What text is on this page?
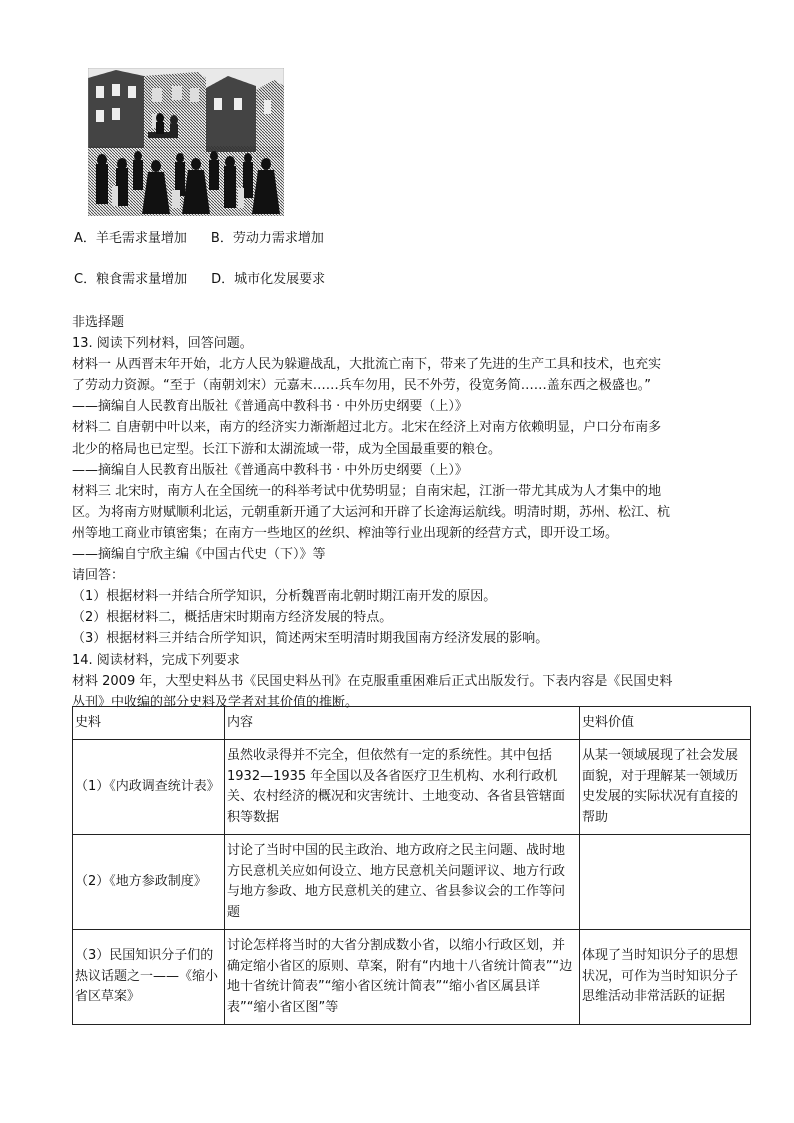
A．羊毛需求量增加 B．劳动力需求增加
C．粮食需求量增加 D．城市化发展要求

非选择题

13. 阅读下列材料，回答问题。

材料一 从西晋末年开始，北方人民为躲避战乱，大批流亡南下，带来了先进的生产工具和技术，也充实

了劳动力资源。“至于（南朝刘宋）元嘉末……兵车勿用，民不外劳，役宽务简……盖东西之极盛也。”

——摘编自人民教育出版社《普通高中教科书 · 中外历史纲要（上）》

材料二 自唐朝中叶以来，南方的经济实力渐渐超过北方。北宋在经济上对南方依赖明显，户口分布南多

北少的格局也已定型。长江下游和太湖流域一带，成为全国最重要的粮仓。

——摘编自人民教育出版社《普通高中教科书 · 中外历史纲要（上）》

材料三 北宋时，南方人在全国统一的科举考试中优势明显；自南宋起，江浙一带尤其成为人才集中的地

区。为将南方财赋顺利北运，元朝重新开通了大运河和开辟了长途海运航线。明清时期，苏州、松江、杭

州等地工商业市镇密集；在南方一些地区的丝织、榨油等行业出现新的经营方式，即开设工场。

——摘编自宁欣主编《中国古代史（下）》等

请回答：

（1）根据材料一并结合所学知识，分析魏晋南北朝时期江南开发的原因。

（2）根据材料二，概括唐宋时期南方经济发展的特点。

（3）根据材料三并结合所学知识，简述两宋至明清时期我国南方经济发展的影响。

14. 阅读材料，完成下列要求

材料 2009 年，大型史料丛书《民国史料丛刊》在克服重重困难后正式出版发行。下表内容是《民国史料

丛刊》中收编的部分史料及学者对其价值的推断。

史料	内容	史料价值
（1）《内政调查统计表》	虽然收录得并不完全，但依然有一定的系统性。其中包括 1932—1935 年全国以及各省医疗卫生机构、水利行政机关、农村经济的概况和灾害统计、土地变动、各省县管辖面积等数据	从某一领域展现了社会发展面貌，对于理解某一领域历史发展的实际状况有直接的帮助
（2）《地方参政制度》	讨论了当时中国的民主政治、地方政府之民主问题、战时地方民意机关应如何设立、地方民意机关问题评议、地方行政与地方参政、地方民意机关的建立、省县参议会的工作等问题	
（3）民国知识分子们的热议话题之一——《缩小省区草案》	讨论怎样将当时的大省分割成数小省，以缩小行政区划，并确定缩小省区的原则、草案，附有“内地十八省统计简表”“边地十省统计简表”“缩小省区统计简表”“缩小省区属县详表”“缩小省区图”等	体现了当时知识分子的思想状况，可作为当时知识分子思维活动非常活跃的证据
